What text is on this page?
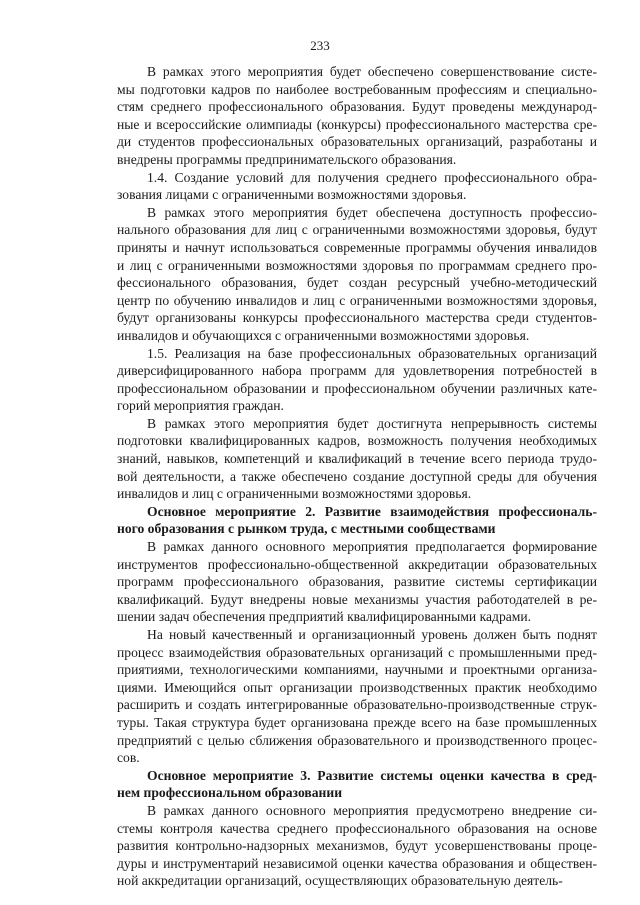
233
В рамках этого мероприятия будет обеспечено совершенствование систе-
мы подготовки кадров по наиболее востребованным профессиям и специально-
стям среднего профессионального образования. Будут проведены международ-
ные и всероссийские олимпиады (конкурсы) профессионального мастерства сре-
ди студентов профессиональных образовательных организаций, разработаны и
внедрены программы предпринимательского образования.
1.4. Создание условий для получения среднего профессионального обра-
зования лицами с ограниченными возможностями здоровья.
В рамках этого мероприятия будет обеспечена доступность профессио-
нального образования для лиц с ограниченными возможностями здоровья, будут
приняты и начнут использоваться современные программы обучения инвалидов
и лиц с ограниченными возможностями здоровья по программам среднего про-
фессионального образования, будет создан ресурсный учебно-методический
центр по обучению инвалидов и лиц с ограниченными возможностями здоровья,
будут организованы конкурсы профессионального мастерства среди студентов-
инвалидов и обучающихся с ограниченными возможностями здоровья.
1.5. Реализация на базе профессиональных образовательных организаций
диверсифицированного набора программ для удовлетворения потребностей в
профессиональном образовании и профессиональном обучении различных кате-
горий мероприятия граждан.
В рамках этого мероприятия будет достигнута непрерывность системы
подготовки квалифицированных кадров, возможность получения необходимых
знаний, навыков, компетенций и квалификаций в течение всего периода трудо-
вой деятельности, а также обеспечено создание доступной среды для обучения
инвалидов и лиц с ограниченными возможностями здоровья.
Основное мероприятие 2. Развитие взаимодействия профессиональ-
ного образования с рынком труда, с местными сообществами
В рамках данного основного мероприятия предполагается формирование
инструментов профессионально-общественной аккредитации образовательных
программ профессионального образования, развитие системы сертификации
квалификаций. Будут внедрены новые механизмы участия работодателей в ре-
шении задач обеспечения предприятий квалифицированными кадрами.
На новый качественный и организационный уровень должен быть поднят
процесс взаимодействия образовательных организаций с промышленными пред-
приятиями, технологическими компаниями, научными и проектными организа-
циями. Имеющийся опыт организации производственных практик необходимо
расширить и создать интегрированные образовательно-производственные струк-
туры. Такая структура будет организована прежде всего на базе промышленных
предприятий с целью сближения образовательного и производственного процес-
сов.
Основное мероприятие 3. Развитие системы оценки качества в сред-
нем профессиональном образовании
В рамках данного основного мероприятия предусмотрено внедрение си-
стемы контроля качества среднего профессионального образования на основе
развития контрольно-надзорных механизмов, будут усовершенствованы проце-
дуры и инструментарий независимой оценки качества образования и обществен-
ной аккредитации организаций, осуществляющих образовательную деятель-
